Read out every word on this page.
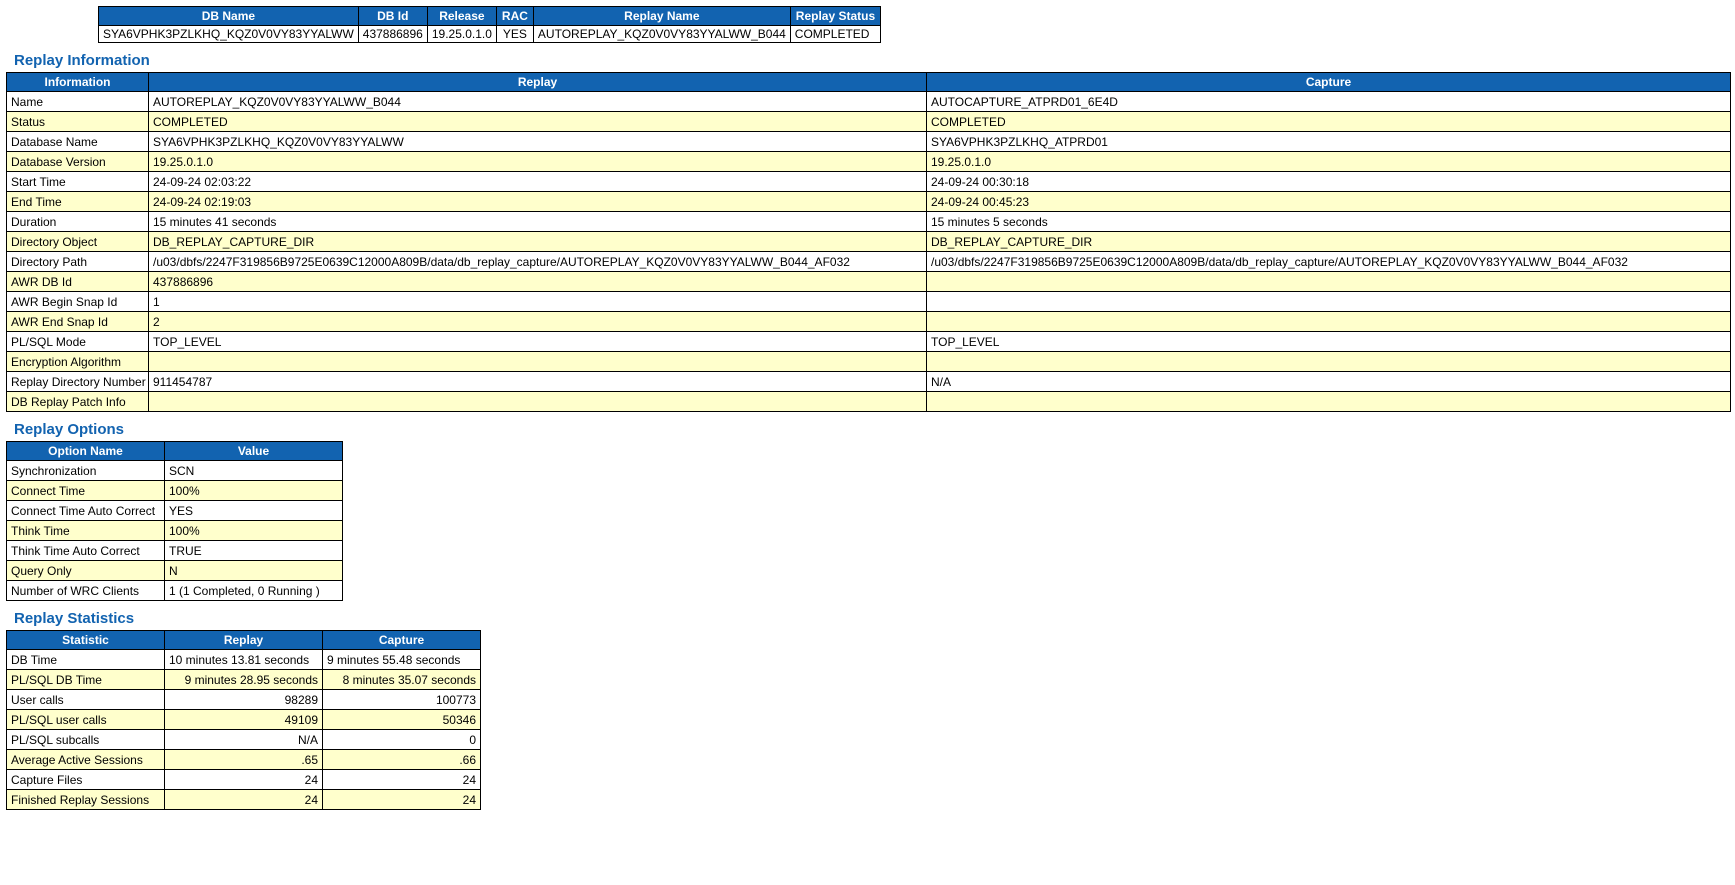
DB Name	DB Id	Release	RAC	Replay Name	Replay Status
SYA6VPHK3PZLKHQ_KQZ0V0VY83YYALWW	437886896	19.25.0.1.0	YES	AUTOREPLAY_KQZ0V0VY83YYALWW_B044	COMPLETED
Replay Information
Information	Replay	Capture
Name	AUTOREPLAY_KQZ0V0VY83YYALWW_B044	AUTOCAPTURE_ATPRD01_6E4D
Status	COMPLETED	COMPLETED
Database Name	SYA6VPHK3PZLKHQ_KQZ0V0VY83YYALWW	SYA6VPHK3PZLKHQ_ATPRD01
Database Version	19.25.0.1.0	19.25.0.1.0
Start Time	24-09-24 02:03:22	24-09-24 00:30:18
End Time	24-09-24 02:19:03	24-09-24 00:45:23
Duration	15 minutes 41 seconds	15 minutes 5 seconds
Directory Object	DB_REPLAY_CAPTURE_DIR	DB_REPLAY_CAPTURE_DIR
Directory Path	/u03/dbfs/2247F319856B9725E0639C12000A809B/data/db_replay_capture/AUTOREPLAY_KQZ0V0VY83YYALWW_B044_AF032	/u03/dbfs/2247F319856B9725E0639C12000A809B/data/db_replay_capture/AUTOREPLAY_KQZ0V0VY83YYALWW_B044_AF032
AWR DB Id	437886896	
AWR Begin Snap Id	1	
AWR End Snap Id	2	
PL/SQL Mode	TOP_LEVEL	TOP_LEVEL
Encryption Algorithm		
Replay Directory Number	911454787	N/A
DB Replay Patch Info		
Replay Options
Option Name	Value
Synchronization	SCN
Connect Time	100%
Connect Time Auto Correct	YES
Think Time	100%
Think Time Auto Correct	TRUE
Query Only	N
Number of WRC Clients	1 (1 Completed, 0 Running )
Replay Statistics
Statistic	Replay	Capture
DB Time	10 minutes 13.81 seconds	9 minutes 55.48 seconds
PL/SQL DB Time	9 minutes 28.95 seconds	8 minutes 35.07 seconds
User calls	98289	100773
PL/SQL user calls	49109	50346
PL/SQL subcalls	N/A	0
Average Active Sessions	.65	.66
Capture Files	24	24
Finished Replay Sessions	24	24
